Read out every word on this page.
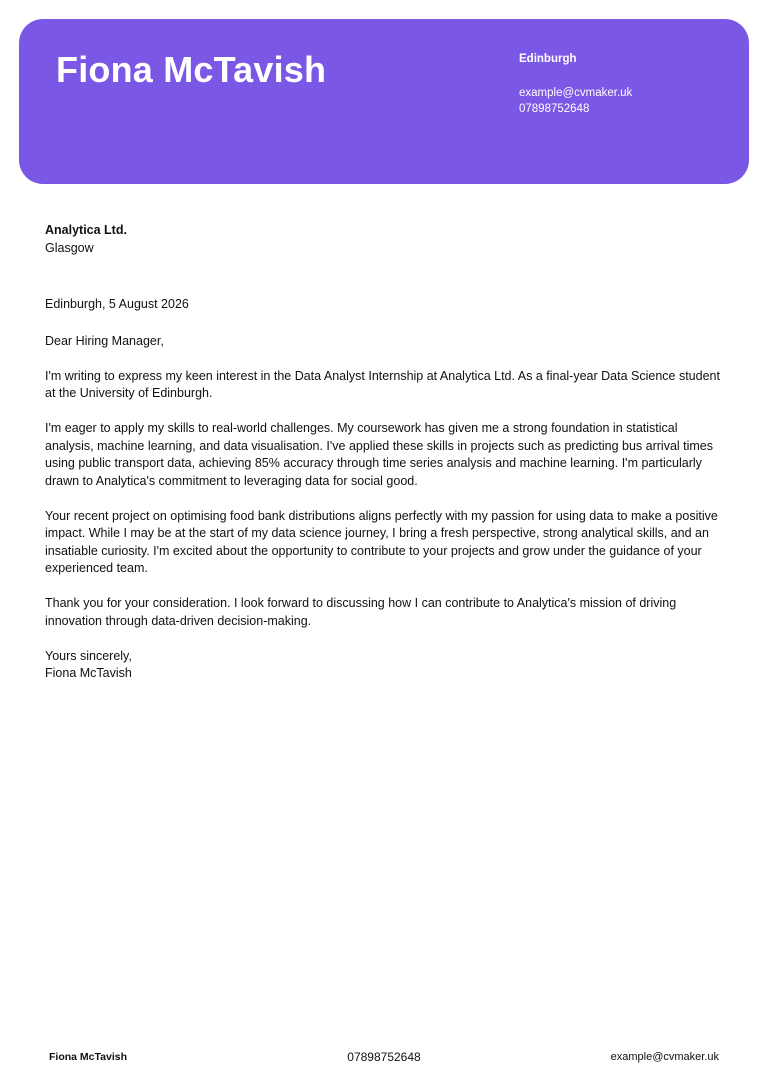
Fiona McTavish	Edinburgh
example@cvmaker.uk
07898752648
Analytica Ltd.
Glasgow
Edinburgh, 5 August 2026
Dear Hiring Manager,

I'm writing to express my keen interest in the Data Analyst Internship at Analytica Ltd. As a final-year Data Science student at the University of Edinburgh.

I'm eager to apply my skills to real-world challenges. My coursework has given me a strong foundation in statistical analysis, machine learning, and data visualisation. I've applied these skills in projects such as predicting bus arrival times using public transport data, achieving 85% accuracy through time series analysis and machine learning. I'm particularly drawn to Analytica's commitment to leveraging data for social good.

Your recent project on optimising food bank distributions aligns perfectly with my passion for using data to make a positive impact. While I may be at the start of my data science journey, I bring a fresh perspective, strong analytical skills, and an insatiable curiosity. I'm excited about the opportunity to contribute to your projects and grow under the guidance of your experienced team.

Thank you for your consideration. I look forward to discussing how I can contribute to Analytica's mission of driving innovation through data-driven decision-making.

Yours sincerely,
Fiona McTavish
Fiona McTavish	07898752648	example@cvmaker.uk
